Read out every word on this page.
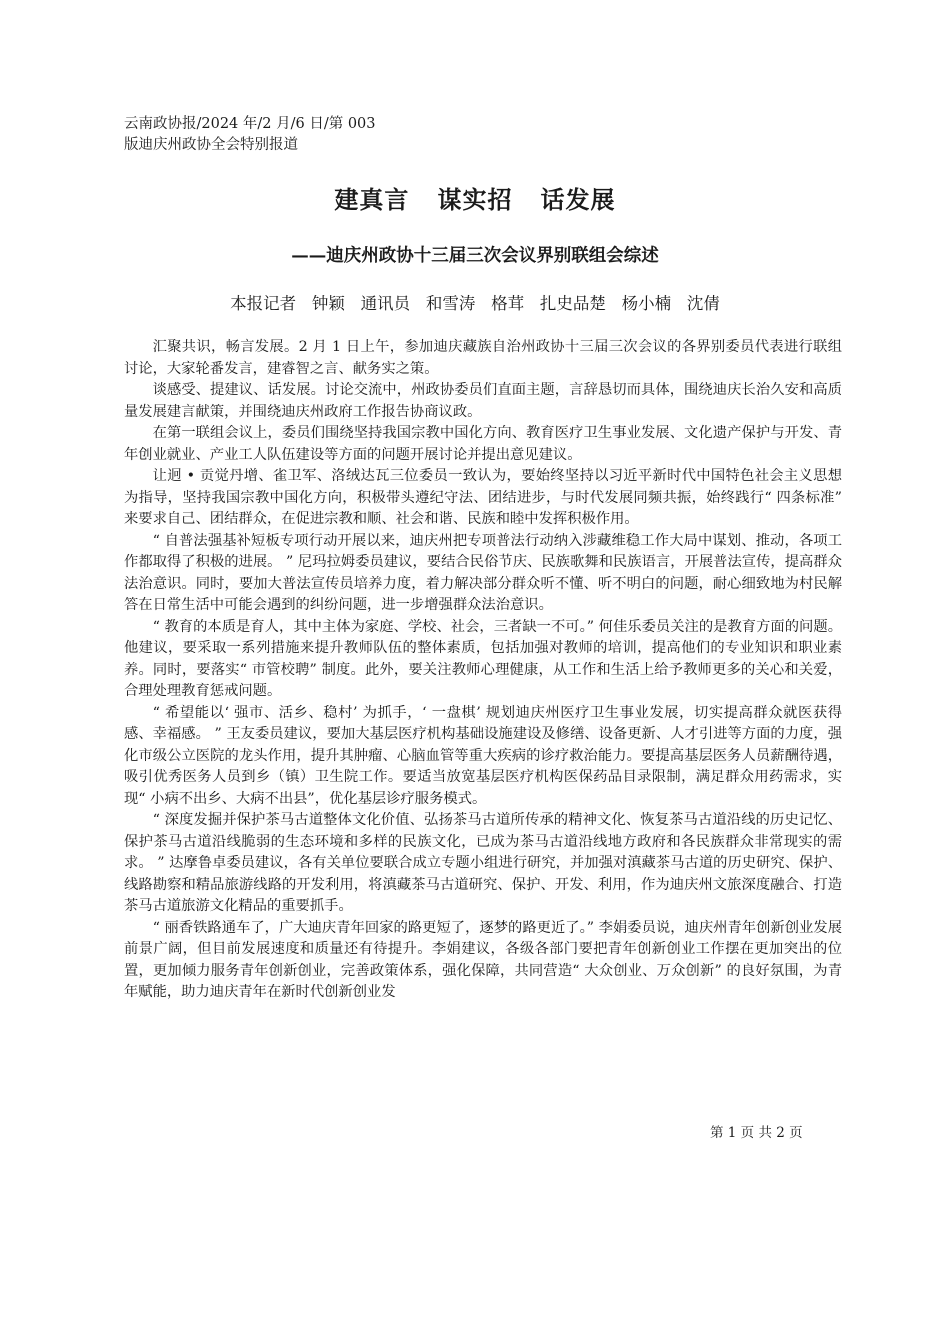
云南政协报/2024 年/2 月/6 日/第 003
版迪庆州政协全会特别报道
建真言   谋实招   话发展
——迪庆州政协十三届三次会议界别联组会综述
本报记者   钟颖   通讯员   和雪涛   格茸   扎史品楚   杨小楠   沈倩

汇聚共识，畅言发展。2 月 1 日上午，参加迪庆藏族自治州政协十三届三次会议的各界别委员代表进行联组讨论，大家轮番发言，建睿智之言、献务实之策。

谈感受、提建议、话发展。讨论交流中，州政协委员们直面主题，言辞恳切而具体，围绕迪庆长治久安和高质量发展建言献策，并围绕迪庆州政府工作报告协商议政。

在第一联组会议上，委员们围绕坚持我国宗教中国化方向、教育医疗卫生事业发展、文化遗产保护与开发、青年创业就业、产业工人队伍建设等方面的问题开展讨论并提出意见建议。

让迥 • 贡觉丹增、雀卫军、洛绒达瓦三位委员一致认为，要始终坚持以习近平新时代中国特色社会主义思想为指导，坚持我国宗教中国化方向，积极带头遵纪守法、团结进步，与时代发展同频共振，始终践行“ 四条标准” 来要求自己、团结群众，在促进宗教和顺、社会和谐、民族和睦中发挥积极作用。

“ 自普法强基补短板专项行动开展以来，迪庆州把专项普法行动纳入涉藏维稳工作大局中谋划、推动，各项工作都取得了积极的进展。 ” 尼玛拉姆委员建议，要结合民俗节庆、民族歌舞和民族语言，开展普法宣传，提高群众法治意识。同时，要加大普法宣传员培养力度，着力解决部分群众听不懂、听不明白的问题，耐心细致地为村民解答在日常生活中可能会遇到的纠纷问题，进一步增强群众法治意识。

“ 教育的本质是育人，其中主体为家庭、学校、社会，三者缺一不可。” 何佳乐委员关注的是教育方面的问题。他建议，要采取一系列措施来提升教师队伍的整体素质，包括加强对教师的培训，提高他们的专业知识和职业素养。同时，要落实“ 市管校聘” 制度。此外，要关注教师心理健康，从工作和生活上给予教师更多的关心和关爱，合理处理教育惩戒问题。

“ 希望能以‘ 强市、活乡、稳村’ 为抓手，‘ 一盘棋’ 规划迪庆州医疗卫生事业发展，切实提高群众就医获得感、幸福感。 ” 王友委员建议，要加大基层医疗机构基础设施建设及修缮、设备更新、人才引进等方面的力度，强化市级公立医院的龙头作用，提升其肿瘤、心脑血管等重大疾病的诊疗救治能力。要提高基层医务人员薪酬待遇，吸引优秀医务人员到乡（镇）卫生院工作。要适当放宽基层医疗机构医保药品目录限制，满足群众用药需求，实现“ 小病不出乡、大病不出县”，优化基层诊疗服务模式。

“ 深度发掘并保护茶马古道整体文化价值、弘扬茶马古道所传承的精神文化、恢复茶马古道沿线的历史记忆、保护茶马古道沿线脆弱的生态环境和多样的民族文化，已成为茶马古道沿线地方政府和各民族群众非常现实的需求。 ” 达摩鲁卓委员建议，各有关单位要联合成立专题小组进行研究，并加强对滇藏茶马古道的历史研究、保护、线路勘察和精品旅游线路的开发利用，将滇藏茶马古道研究、保护、开发、利用，作为迪庆州文旅深度融合、打造茶马古道旅游文化精品的重要抓手。

“ 丽香铁路通车了，广大迪庆青年回家的路更短了，逐梦的路更近了。” 李娟委员说，迪庆州青年创新创业发展前景广阔，但目前发展速度和质量还有待提升。李娟建议，各级各部门要把青年创新创业工作摆在更加突出的位置，更加倾力服务青年创新创业，完善政策体系，强化保障，共同营造“ 大众创业、万众创新” 的良好氛围，为青年赋能，助力迪庆青年在新时代创新创业发

第 1 页 共 2 页
